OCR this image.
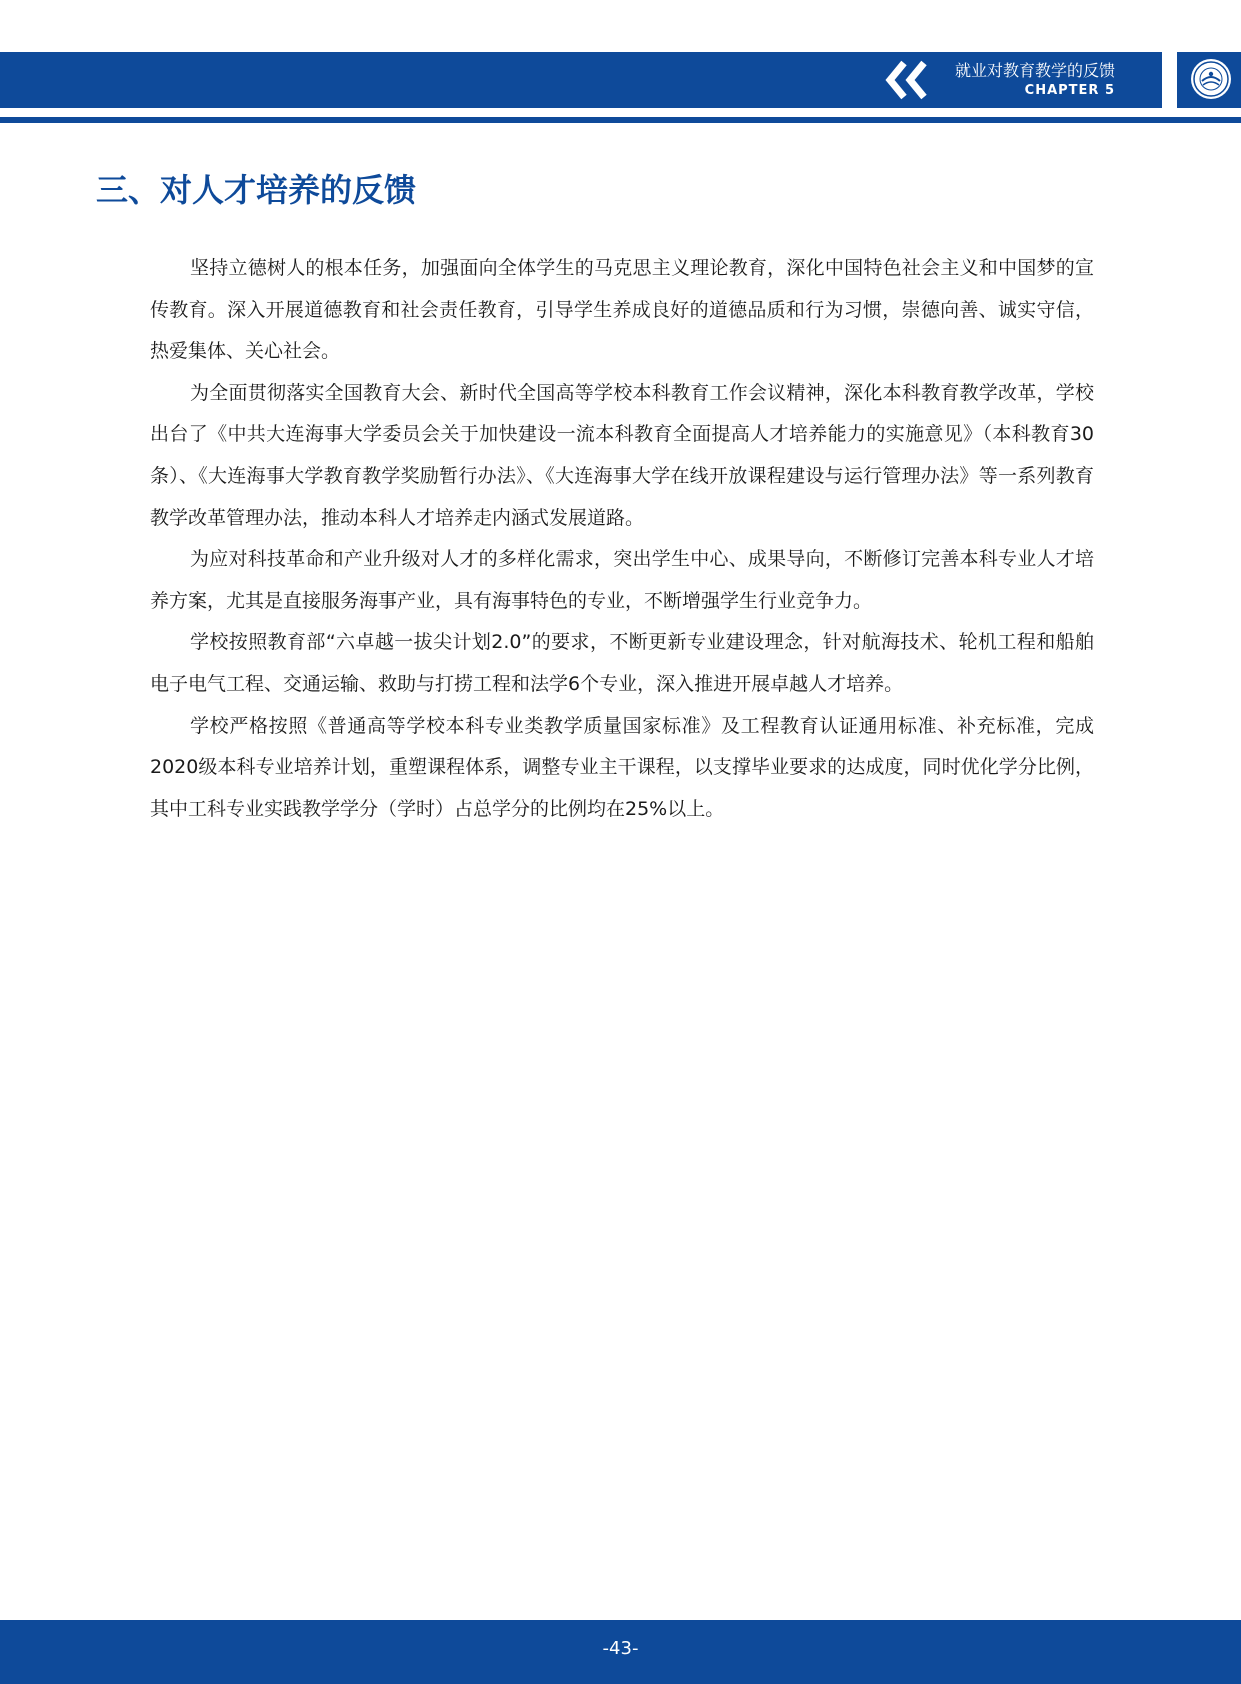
就业对教育教学的反馈
CHAPTER 5
三、对人才培养的反馈

坚持立德树人的根本任务，加强面向全体学生的马克思主义理论教育，深化中国特色社会主义和中国梦的宣传教育。深入开展道德教育和社会责任教育，引导学生养成良好的道德品质和行为习惯，崇德向善、诚实守信，热爱集体、关心社会。

为全面贯彻落实全国教育大会、新时代全国高等学校本科教育工作会议精神，深化本科教育教学改革，学校出台了《中共大连海事大学委员会关于加快建设一流本科教育全面提高人才培养能力的实施意见》（本科教育30条）、《大连海事大学教育教学奖励暂行办法》、《大连海事大学在线开放课程建设与运行管理办法》等一系列教育教学改革管理办法，推动本科人才培养走内涵式发展道路。

为应对科技革命和产业升级对人才的多样化需求，突出学生中心、成果导向，不断修订完善本科专业人才培养方案，尤其是直接服务海事产业，具有海事特色的专业，不断增强学生行业竞争力。

学校按照教育部“六卓越一拔尖计划2.0”的要求，不断更新专业建设理念，针对航海技术、轮机工程和船舶电子电气工程、交通运输、救助与打捞工程和法学6个专业，深入推进开展卓越人才培养。

学校严格按照《普通高等学校本科专业类教学质量国家标准》及工程教育认证通用标准、补充标准，完成2020级本科专业培养计划，重塑课程体系，调整专业主干课程，以支撑毕业要求的达成度，同时优化学分比例，其中工科专业实践教学学分（学时）占总学分的比例均在25%以上。

-43-
